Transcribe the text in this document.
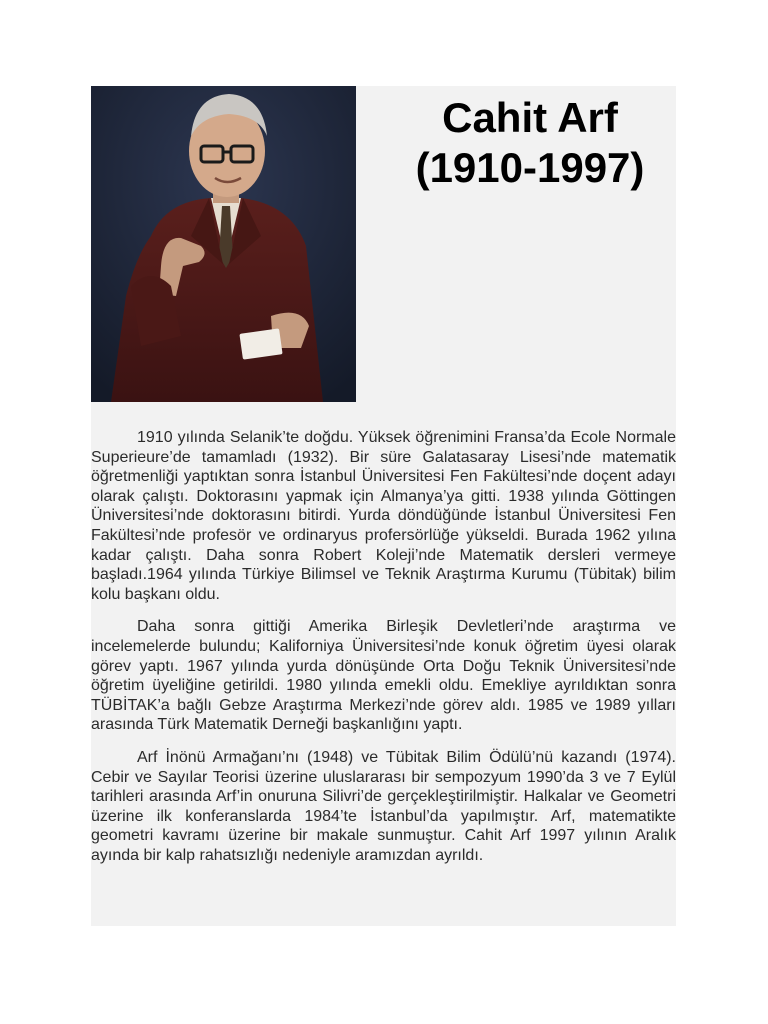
Cahit Arf
(1910-1997)

1910 yılında Selanik’te doğdu. Yüksek öğrenimini Fransa’da Ecole Normale Superieure’de tamamladı (1932). Bir süre Galatasaray Lisesi’nde matematik öğretmenliği yaptıktan sonra İstanbul Üniversitesi Fen Fakültesi’nde doçent adayı olarak çalıştı. Doktorasını yapmak için Almanya’ya gitti. 1938 yılında Göttingen Üniversitesi’nde doktorasını bitirdi. Yurda döndüğünde İstanbul Üniversitesi Fen Fakültesi’nde profesör ve ordinaryus profersörlüğe yükseldi. Burada 1962 yılına kadar çalıştı. Daha sonra Robert Koleji’nde Matematik dersleri vermeye başladı.1964 yılında Türkiye Bilimsel ve Teknik Araştırma Kurumu (Tübitak) bilim kolu başkanı oldu.

Daha sonra gittiği Amerika Birleşik Devletleri’nde araştırma ve incelemelerde bulundu; Kaliforniya Üniversitesi’nde konuk öğretim üyesi olarak görev yaptı. 1967 yılında yurda dönüşünde Orta Doğu Teknik Üniversitesi’nde öğretim üyeliğine getirildi. 1980 yılında emekli oldu. Emekliye ayrıldıktan sonra TÜBİTAK’a bağlı Gebze Araştırma Merkezi’nde görev aldı. 1985 ve 1989 yılları arasında Türk Matematik Derneği başkanlığını yaptı.

Arf İnönü Armağanı’nı (1948) ve Tübitak Bilim Ödülü’nü kazandı (1974). Cebir ve Sayılar Teorisi üzerine uluslararası bir sempozyum 1990’da 3 ve 7 Eylül tarihleri arasında Arf’in onuruna Silivri’de gerçekleştirilmiştir. Halkalar ve Geometri üzerine ilk konferanslarda 1984’te İstanbul’da yapılmıştır. Arf, matematikte geometri kavramı üzerine bir makale sunmuştur. Cahit Arf 1997 yılının Aralık ayında bir kalp rahatsızlığı nedeniyle aramızdan ayrıldı.
